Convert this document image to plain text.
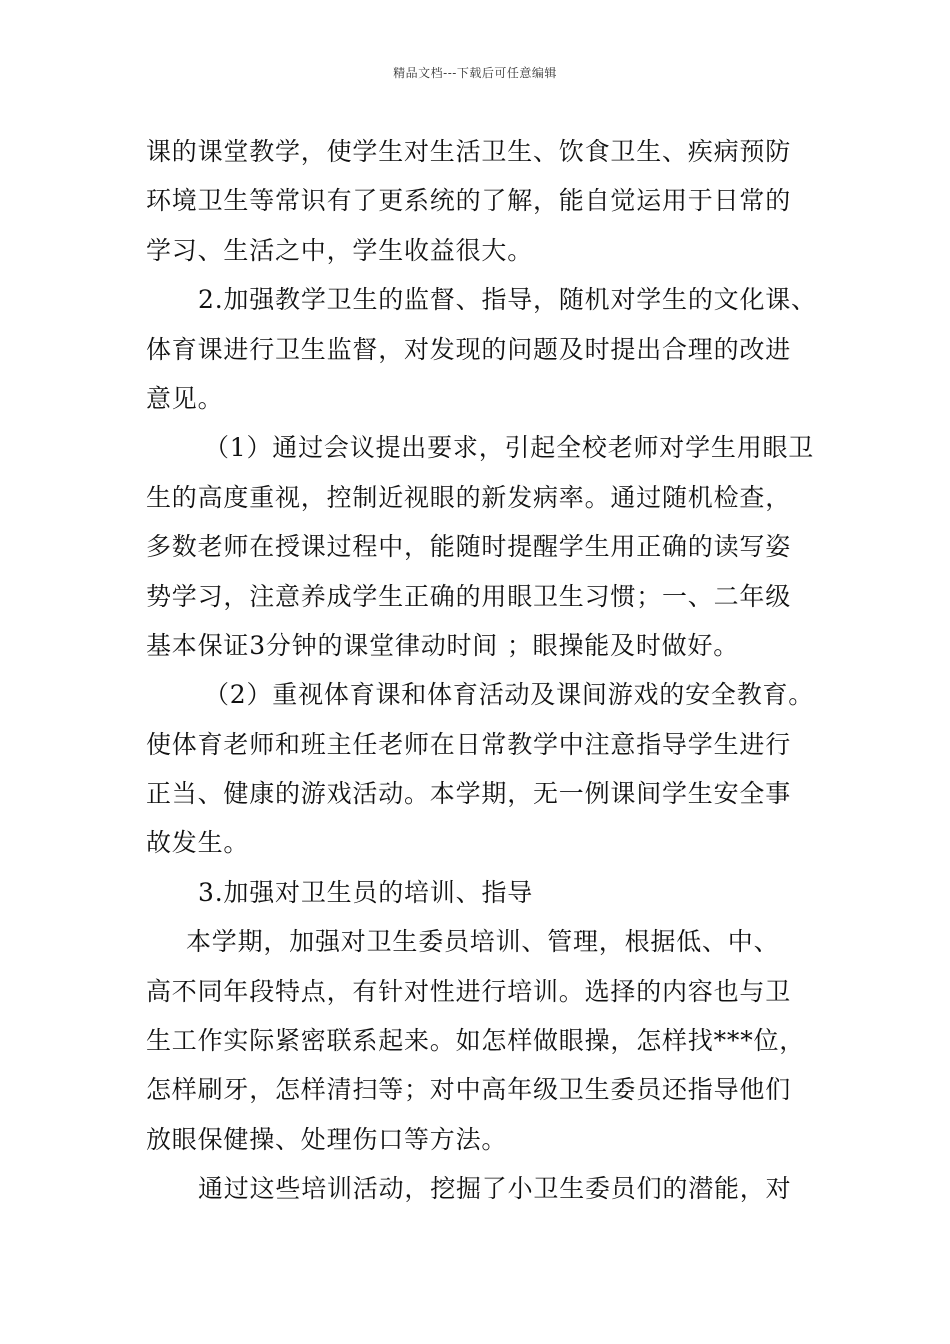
精品文档---下载后可任意编辑
课的课堂教学，使学生对生活卫生、饮食卫生、疾病预防
环境卫生等常识有了更系统的了解，能自觉运用于日常的
学习、生活之中，学生收益很大。
2.加强教学卫生的监督、指导，随机对学生的文化课、
体育课进行卫生监督，对发现的问题及时提出合理的改进
意见。
（1）通过会议提出要求，引起全校老师对学生用眼卫
生的高度重视，控制近视眼的新发病率。通过随机检查，
多数老师在授课过程中，能随时提醒学生用正确的读写姿
势学习，注意养成学生正确的用眼卫生习惯；一、二年级
基本保证3分钟的课堂律动时间 ；眼操能及时做好。
（2）重视体育课和体育活动及课间游戏的安全教育。
使体育老师和班主任老师在日常教学中注意指导学生进行
正当、健康的游戏活动。本学期，无一例课间学生安全事
故发生。
3.加强对卫生员的培训、指导
本学期，加强对卫生委员培训、管理，根据低、中、
高不同年段特点，有针对性进行培训。选择的内容也与卫
生工作实际紧密联系起来。如怎样做眼操，怎样找***位，
怎样刷牙，怎样清扫等；对中高年级卫生委员还指导他们
放眼保健操、处理伤口等方法。
通过这些培训活动，挖掘了小卫生委员们的潜能，对
